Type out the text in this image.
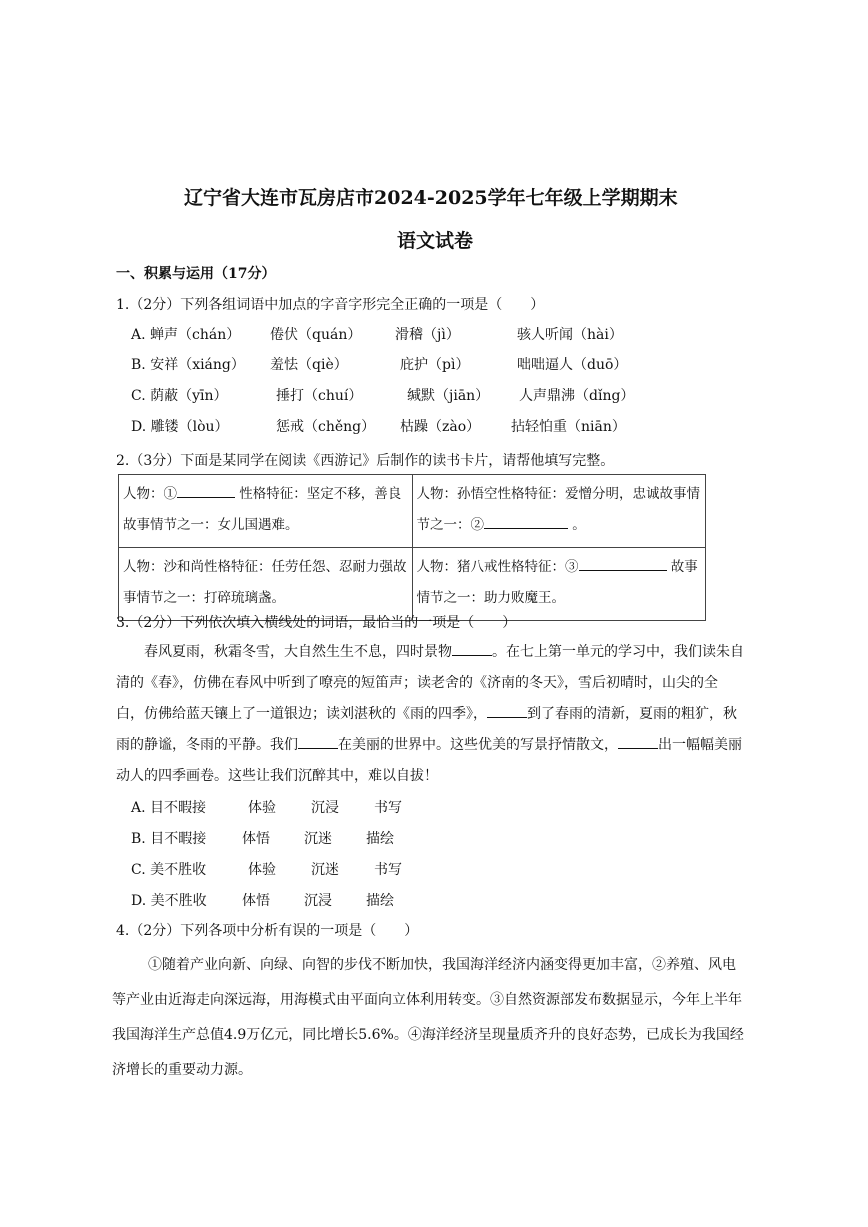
辽宁省大连市瓦房店市2024-2025学年七年级上学期期末
语文试卷
一、积累与运用（17分）
1.（2分）下列各组词语中加点的字音字形完全正确的一项是（　　）
A. 蝉声（chán） 倦伏（quán） 滑稽（jì）	骇人听闻（hài）
B. 安祥（xiáng） 羞怯（qiè）	庇护（pì）	咄咄逼人（duō）
C. 荫蔽（yīn）	捶打（chuí）	缄默（jiān） 人声鼎沸（dǐng）
D. 雕镂（lòu）	惩戒（chěng） 枯躁（zào） 拈轻怕重（niān）
2.（3分）下面是某同学在阅读《西游记》后制作的读书卡片，请帮他填写完整。
人物：① 性格特征：坚定不移，善良
故事情节之一：女儿国遇难。	人物：孙悟空性格特征：爱憎分明，忠诚故事情
节之一：② 。
人物：沙和尚性格特征：任劳任怨、忍耐力强故
事情节之一：打碎琉璃盏。	人物：猪八戒性格特征：③ 故事
情节之一：助力败魔王。
3.（2分）下列依次填入横线处的词语，最恰当的一项是（　　）
春风夏雨，秋霜冬雪，大自然生生不息，四时景物	。在七上第一单元的学习中，我们读朱自清的《春》，仿佛在春风中听到了嘹亮的短笛声；读老舍的《济南的冬天》，雪后初晴时，山尖的全白，仿佛给蓝天镶上了一道银边；读刘湛秋的《雨的四季》，	到了春雨的清新，夏雨的粗犷，秋雨的静谧，冬雨的平静。我们	在美丽的世界中。这些优美的写景抒情散文，	出一幅幅美丽动人的四季画卷。这些让我们沉醉其中，难以自拔！
A. 目不暇接	体验	沉浸	书写
B. 目不暇接	体悟 沉迷 描绘
C. 美不胜收	体验	沉迷	书写
D. 美不胜收	体悟 沉浸 描绘
4.（2分）下列各项中分析有误的一项是（　　）
①随着产业向新、向绿、向智的步伐不断加快，我国海洋经济内涵变得更加丰富，②养殖、风电等产业由近海走向深远海，用海模式由平面向立体利用转变。③自然资源部发布数据显示，今年上半年我国海洋生产总值4.9万亿元，同比增长5.6%。④海洋经济呈现量质齐升的良好态势，已成长为我国经济增长的重要动力源。
